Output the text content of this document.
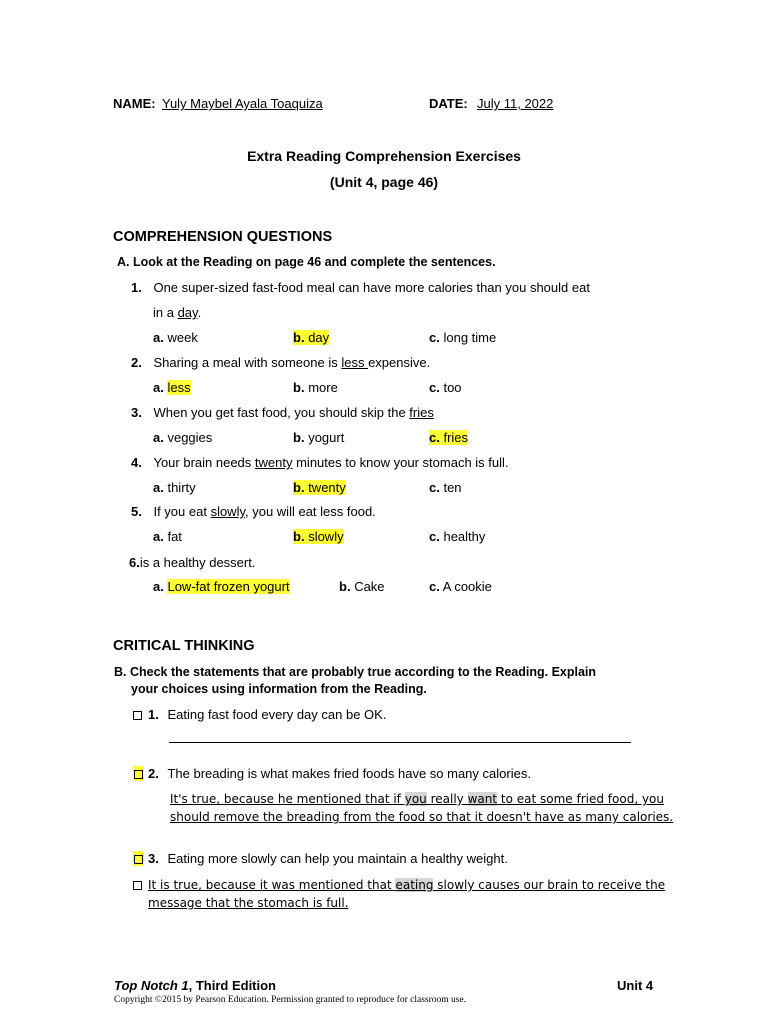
NAME: Yuly Maybel Ayala Toaquiza	DATE: July 11, 2022
Extra Reading Comprehension Exercises
(Unit 4, page 46)
COMPREHENSION QUESTIONS
A. Look at the Reading on page 46 and complete the sentences.
1. One super-sized fast-food meal can have more calories than you should eat
in a day.
a. week	b. day	c. long time
2. Sharing a meal with someone is less expensive.
a. less	b. more	c. too
3. When you get fast food, you should skip the fries
a. veggies	b. yogurt	c. fries
4. Your brain needs twenty minutes to know your stomach is full.
a. thirty	b. twenty	c. ten
5. If you eat slowly, you will eat less food.
a. fat	b. slowly	c. healthy
6.is a healthy dessert.
a. Low-fat frozen yogurt	b. Cake	c. A cookie
CRITICAL THINKING
B. Check the statements that are probably true according to the Reading. Explain
your choices using information from the Reading.
1. Eating fast food every day can be OK.
2. The breading is what makes fried foods have so many calories.
It's true, because he mentioned that if you really want to eat some fried food, you
should remove the breading from the food so that it doesn't have as many calories.
3. Eating more slowly can help you maintain a healthy weight.
It is true, because it was mentioned that eating slowly causes our brain to receive the
message that the stomach is full.
Top Notch 1, Third Edition	Unit 4
Copyright ©2015 by Pearson Education. Permission granted to reproduce for classroom use.
